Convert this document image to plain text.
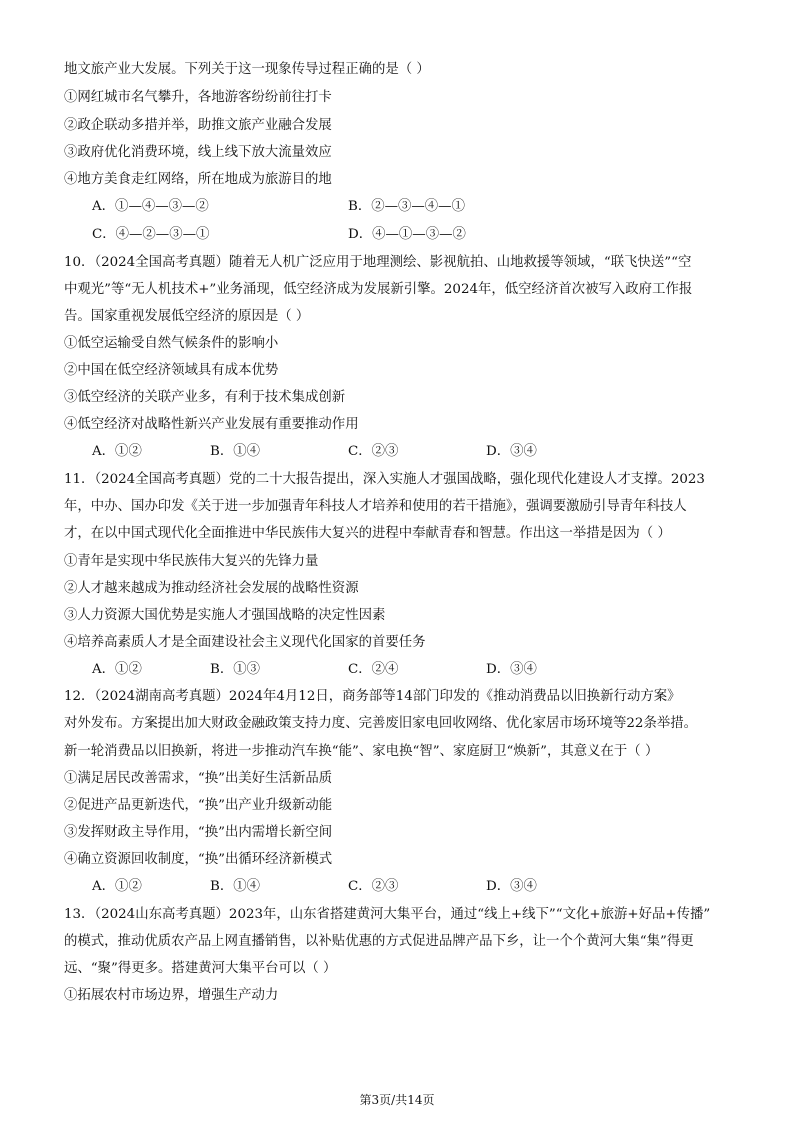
地文旅产业大发展。下列关于这一现象传导过程正确的是（ ）
①网红城市名气攀升，各地游客纷纷前往打卡
②政企联动多措并举，助推文旅产业融合发展
③政府优化消费环境，线上线下放大流量效应
④地方美食走红网络，所在地成为旅游目的地
A．①—④—③—②	B．②—③—④—①
C．④—②—③—①	D．④—①—③—②
10．（2024全国高考真题）随着无人机广泛应用于地理测绘、影视航拍、山地救援等领域，“联飞快送”“空
中观光”等“无人机技术+”业务涌现，低空经济成为发展新引擎。2024年，低空经济首次被写入政府工作报
告。国家重视发展低空经济的原因是（ ）
①低空运输受自然气候条件的影响小
②中国在低空经济领域具有成本优势
③低空经济的关联产业多，有利于技术集成创新
④低空经济对战略性新兴产业发展有重要推动作用
A．①②	B．①④	C．②③	D．③④
11．（2024全国高考真题）党的二十大报告提出，深入实施人才强国战略，强化现代化建设人才支撑。2023
年，中办、国办印发《关于进一步加强青年科技人才培养和使用的若干措施》，强调要激励引导青年科技人
才，在以中国式现代化全面推进中华民族伟大复兴的进程中奉献青春和智慧。作出这一举措是因为（ ）
①青年是实现中华民族伟大复兴的先锋力量
②人才越来越成为推动经济社会发展的战略性资源
③人力资源大国优势是实施人才强国战略的决定性因素
④培养高素质人才是全面建设社会主义现代化国家的首要任务
A．①②	B．①③	C．②④	D．③④
12．（2024湖南高考真题）2024年4月12日，商务部等14部门印发的《推动消费品以旧换新行动方案》
对外发布。方案提出加大财政金融政策支持力度、完善废旧家电回收网络、优化家居市场环境等22条举措。
新一轮消费品以旧换新，将进一步推动汽车换“能”、家电换“智”、家庭厨卫“焕新”，其意义在于（ ）
①满足居民改善需求，“换”出美好生活新品质
②促进产品更新迭代，“换”出产业升级新动能
③发挥财政主导作用，“换”出内需增长新空间
④确立资源回收制度，“换”出循环经济新模式
A．①②	B．①④	C．②③	D．③④
13．（2024山东高考真题）2023年，山东省搭建黄河大集平台，通过“线上+线下”“文化+旅游+好品+传播”
的模式，推动优质农产品上网直播销售，以补贴优惠的方式促进品牌产品下乡，让一个个黄河大集“集”得更
远、“聚”得更多。搭建黄河大集平台可以（ ）
①拓展农村市场边界，增强生产动力
第3页/共14页
